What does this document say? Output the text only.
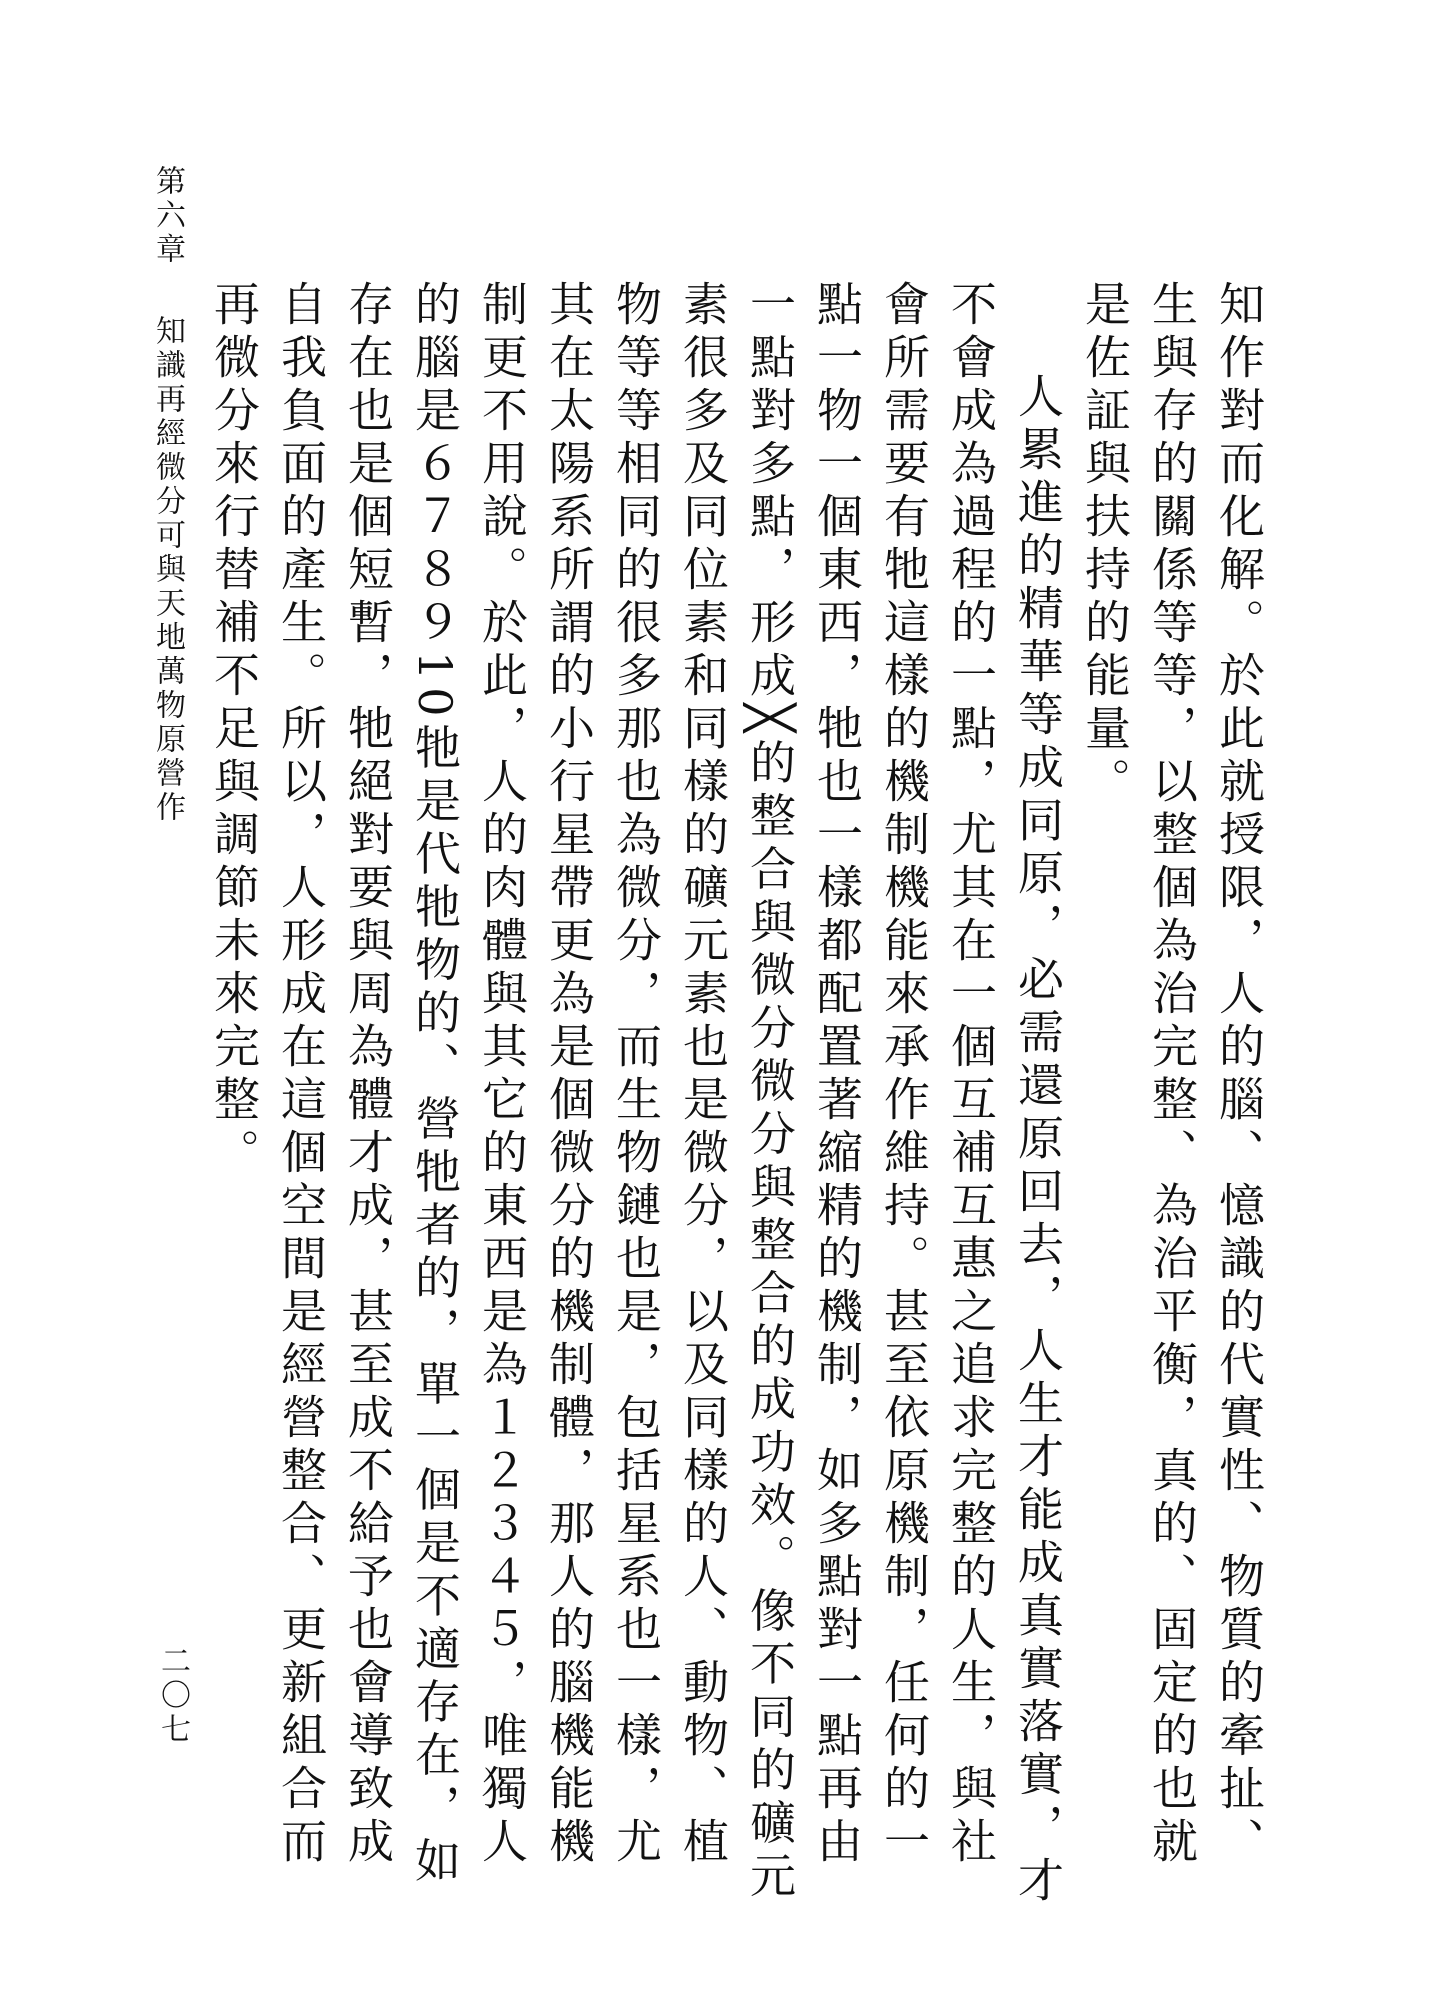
知作對而化解。於此就授限，人的腦、憶識的代實性、物質的牽扯、生與存的關係等等，以整個為治完整、為治平衡，真的、固定的也就是佐証與扶持的能量。

人累進的精華等成同原，必需還原回去，人生才能成真實落實，才不會成為過程的一點，尤其在一個互補互惠之追求完整的人生，與社會所需要有牠這樣的機制機能來承作維持。甚至依原機制，任何的一點一物一個東西，牠也一樣都配置著縮精的機制，如多點對一點再由一點對多點，形成╳的整合與微分微分與整合的成功效。像不同的礦元素很多及同位素和同樣的礦元素也是微分，以及同樣的人、動物、植物等等相同的很多那也為微分，而生物鏈也是，包括星系也一樣，尤其在太陽系所謂的小行星帶更為是個微分的機制體，那人的腦機能機制更不用說。於此，人的肉體與其它的東西是為１２３４５，唯獨人的腦是６７８９10牠是代牠物的、營牠者的，單一個是不適存在，如存在也是個短暫，牠絕對要與周為體才成，甚至成不給予也會導致成自我負面的產生。所以，人形成在這個空間是經營整合、更新組合而再微分來行替補不足與調節未來完整。

第六章知識再經微分可與天地萬物原營作
二〇七
